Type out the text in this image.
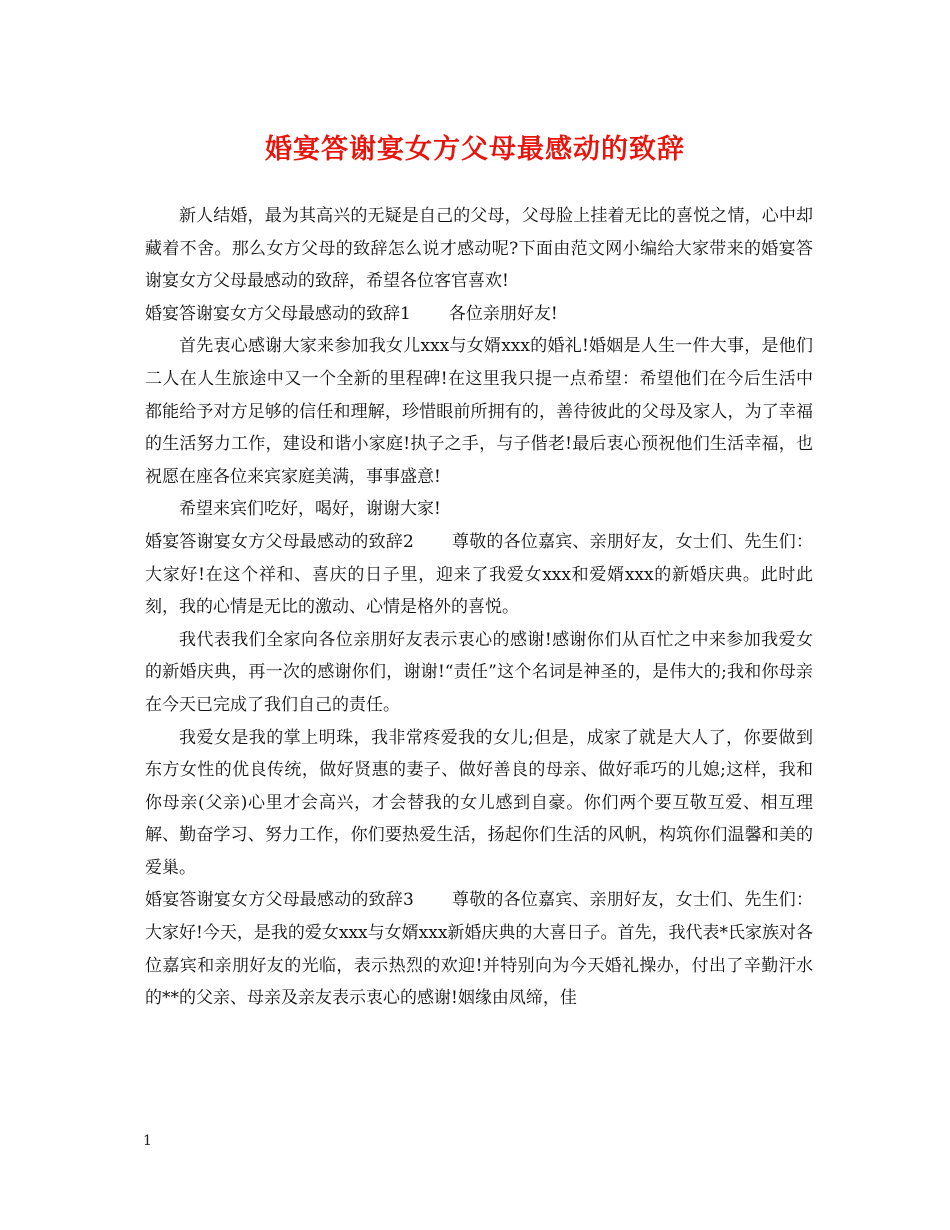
婚宴答谢宴女方父母最感动的致辞

新人结婚，最为其高兴的无疑是自己的父母，父母脸上挂着无比的喜悦之情，心中却藏着不舍。那么女方父母的致辞怎么说才感动呢?下面由范文网小编给大家带来的婚宴答谢宴女方父母最感动的致辞，希望各位客官喜欢!

婚宴答谢宴女方父母最感动的致辞1 各位亲朋好友!

首先衷心感谢大家来参加我女儿xxx与女婿xxx的婚礼!婚姻是人生一件大事，是他们二人在人生旅途中又一个全新的里程碑!在这里我只提一点希望：希望他们在今后生活中都能给予对方足够的信任和理解，珍惜眼前所拥有的，善待彼此的父母及家人，为了幸福的生活努力工作，建设和谐小家庭!执子之手，与子偕老!最后衷心预祝他们生活幸福，也祝愿在座各位来宾家庭美满，事事盛意!

希望来宾们吃好，喝好，谢谢大家!

婚宴答谢宴女方父母最感动的致辞2 尊敬的各位嘉宾、亲朋好友，女士们、先生们：大家好!在这个祥和、喜庆的日子里，迎来了我爱女xxx和爱婿xxx的新婚庆典。此时此刻，我的心情是无比的激动、心情是格外的喜悦。

我代表我们全家向各位亲朋好友表示衷心的感谢!感谢你们从百忙之中来参加我爱女的新婚庆典，再一次的感谢你们，谢谢!“责任”这个名词是神圣的，是伟大的;我和你母亲在今天已完成了我们自己的责任。

我爱女是我的掌上明珠，我非常疼爱我的女儿;但是，成家了就是大人了，你要做到东方女性的优良传统，做好贤惠的妻子、做好善良的母亲、做好乖巧的儿媳;这样，我和你母亲(父亲)心里才会高兴，才会替我的女儿感到自豪。你们两个要互敬互爱、相互理解、勤奋学习、努力工作，你们要热爱生活，扬起你们生活的风帆，构筑你们温馨和美的爱巢。

婚宴答谢宴女方父母最感动的致辞3 尊敬的各位嘉宾、亲朋好友，女士们、先生们：大家好!今天，是我的爱女xxx与女婿xxx新婚庆典的大喜日子。首先，我代表*氏家族对各位嘉宾和亲朋好友的光临，表示热烈的欢迎!并特别向为今天婚礼操办，付出了辛勤汗水的**的父亲、母亲及亲友表示衷心的感谢!姻缘由凤缔，佳

1
